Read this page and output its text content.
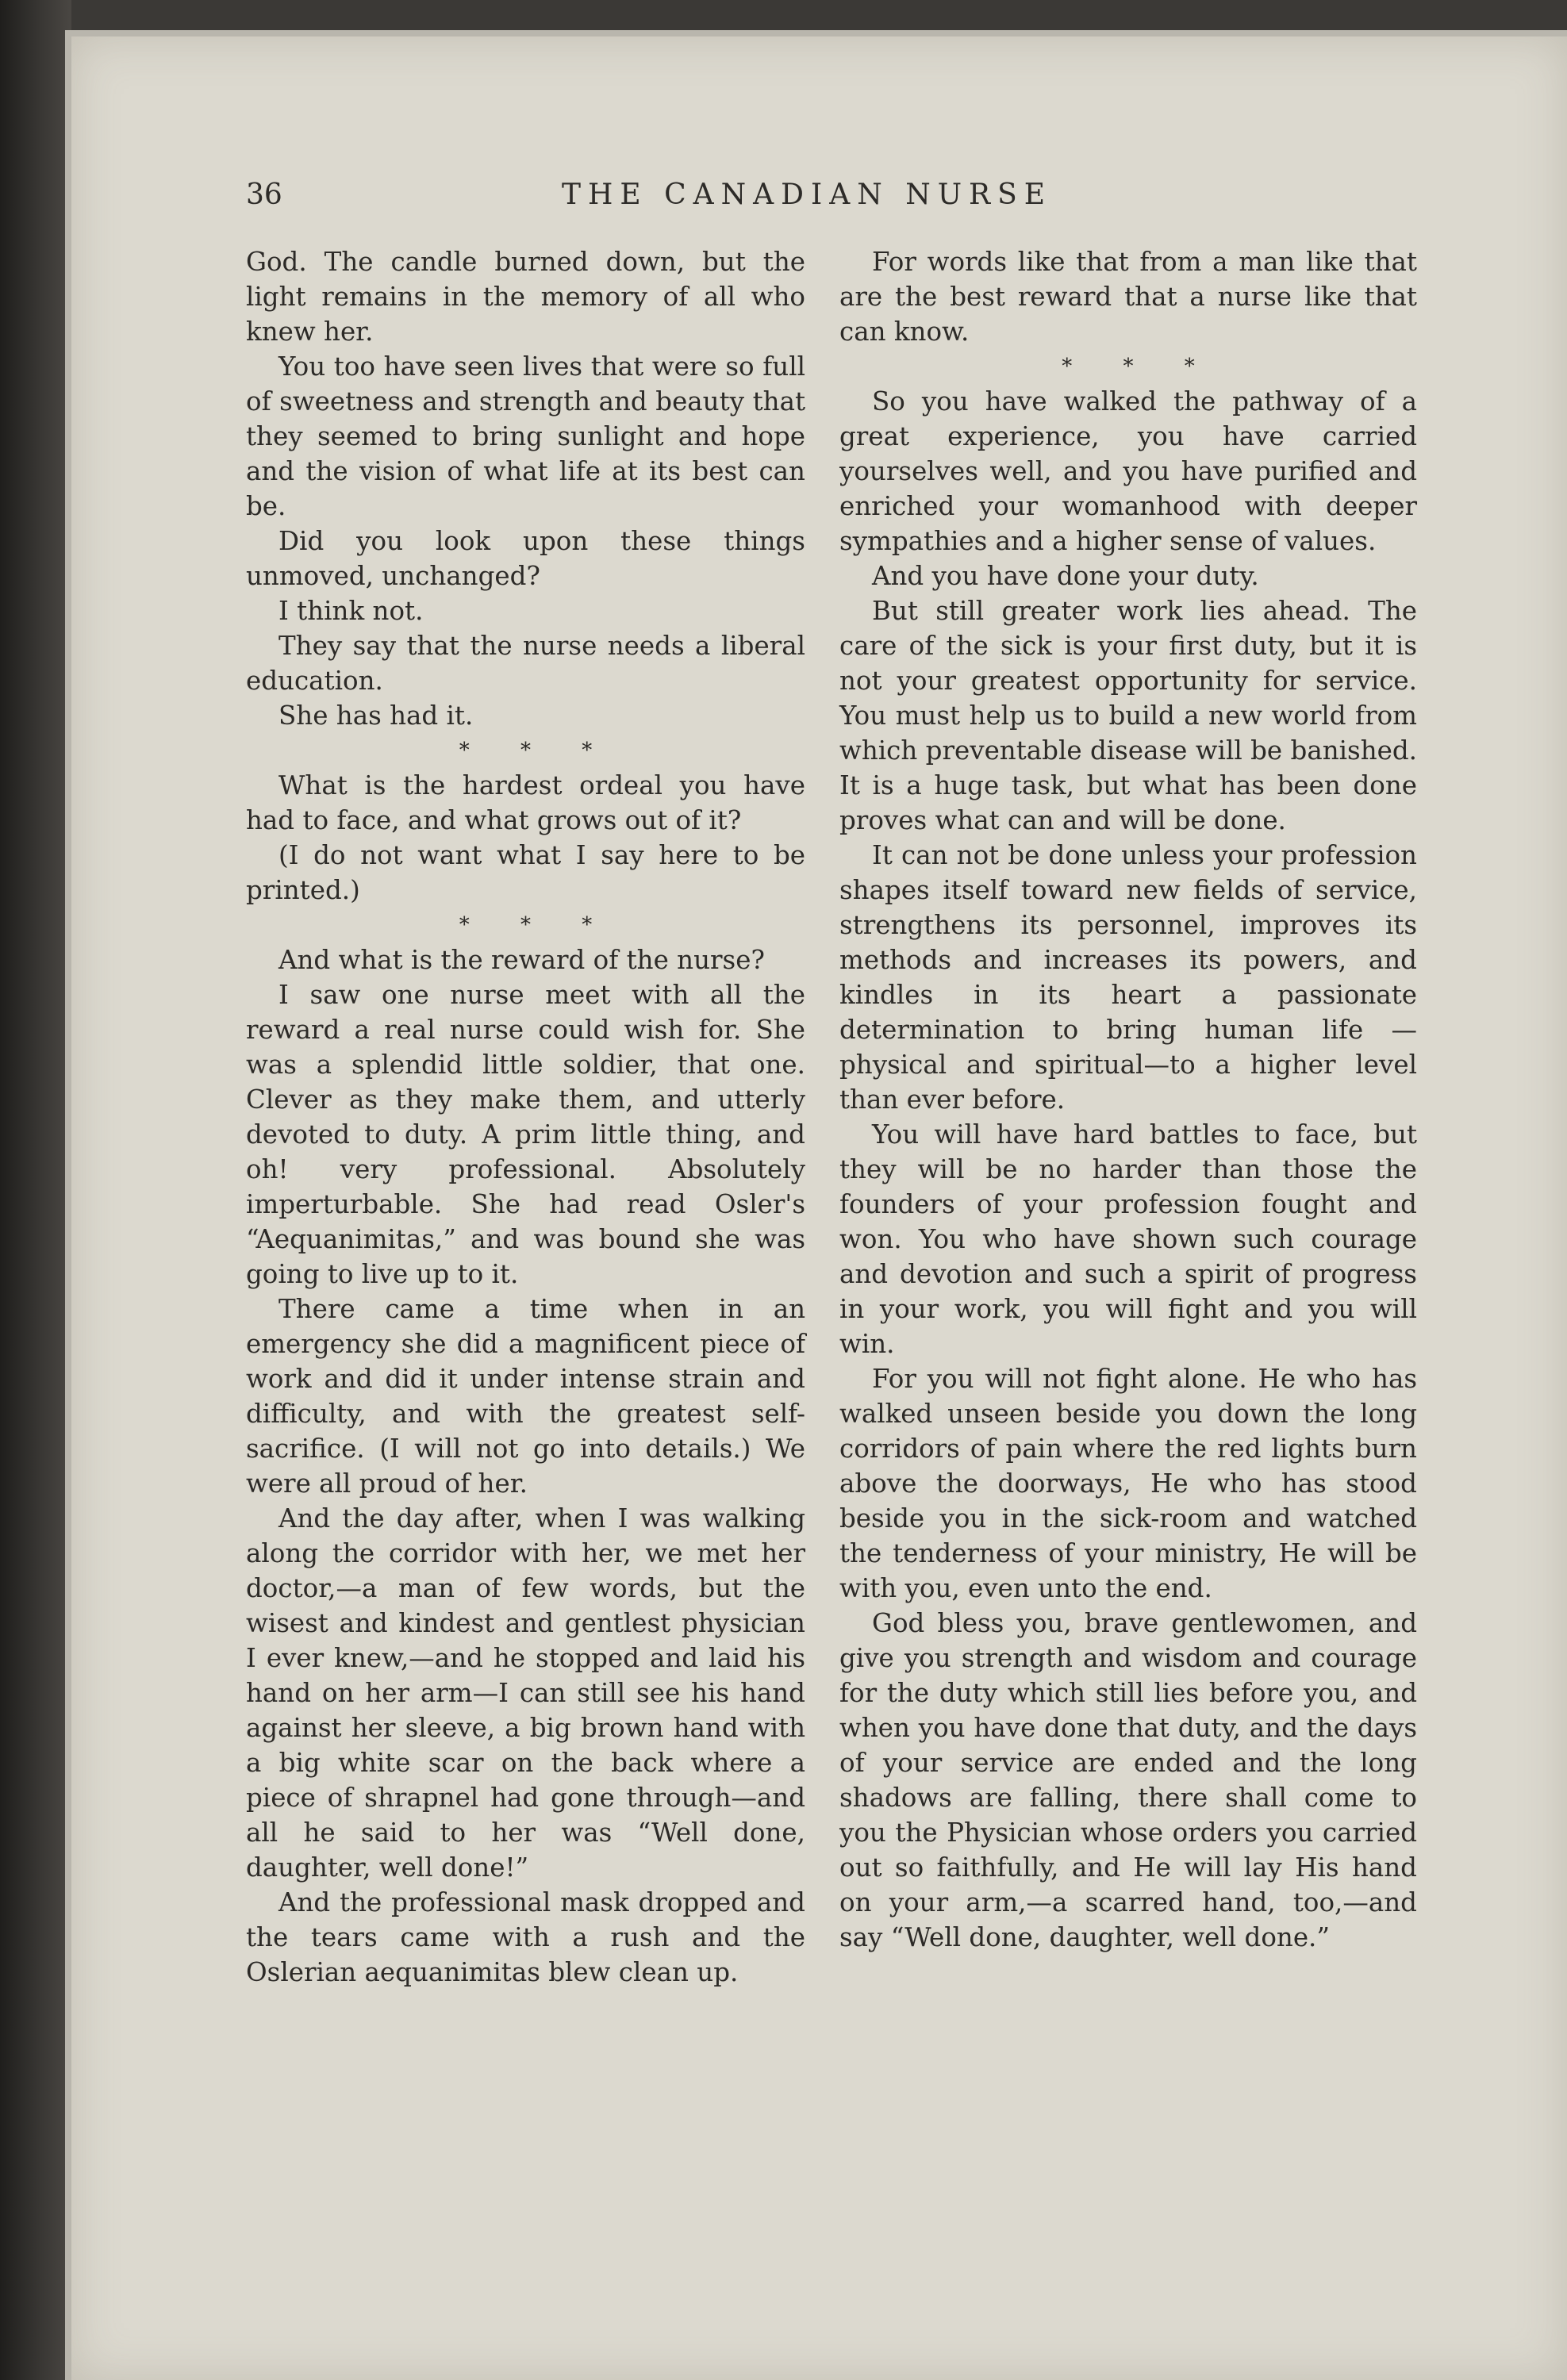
36	THE CANADIAN NURSE

God. The candle burned down, but the light remains in the memory of all who knew her.

You too have seen lives that were so full of sweetness and strength and beauty that they seemed to bring sunlight and hope and the vision of what life at its best can be.

Did you look upon these things unmoved, unchanged?

I think not.

They say that the nurse needs a liberal education.

She has had it.

* * *

What is the hardest ordeal you have had to face, and what grows out of it?

(I do not want what I say here to be printed.)

* * *

And what is the reward of the nurse?

I saw one nurse meet with all the reward a real nurse could wish for. She was a splendid little soldier, that one. Clever as they make them, and utterly devoted to duty. A prim little thing, and oh! very professional. Absolutely imperturbable. She had read Osler's “Aequanimitas,” and was bound she was going to live up to it.

There came a time when in an emergency she did a magnificent piece of work and did it under intense strain and difficulty, and with the greatest self-sacrifice. (I will not go into details.) We were all proud of her.

And the day after, when I was walking along the corridor with her, we met her doctor,—a man of few words, but the wisest and kindest and gentlest physician I ever knew,—and he stopped and laid his hand on her arm—I can still see his hand against her sleeve, a big brown hand with a big white scar on the back where a piece of shrapnel had gone through—and all he said to her was “Well done, daughter, well done!”

And the professional mask dropped and the tears came with a rush and the Oslerian aequanimitas blew clean up.

For words like that from a man like that are the best reward that a nurse like that can know.

* * *

So you have walked the pathway of a great experience, you have carried yourselves well, and you have purified and enriched your womanhood with deeper sympathies and a higher sense of values.

And you have done your duty.

But still greater work lies ahead. The care of the sick is your first duty, but it is not your greatest opportunity for service. You must help us to build a new world from which preventable disease will be banished. It is a huge task, but what has been done proves what can and will be done.

It can not be done unless your profession shapes itself toward new fields of service, strengthens its personnel, improves its methods and increases its powers, and kindles in its heart a passionate determination to bring human life — physical and spiritual—to a higher level than ever before.

You will have hard battles to face, but they will be no harder than those the founders of your profession fought and won. You who have shown such courage and devotion and such a spirit of progress in your work, you will fight and you will win.

For you will not fight alone. He who has walked unseen beside you down the long corridors of pain where the red lights burn above the doorways, He who has stood beside you in the sick-room and watched the tenderness of your ministry, He will be with you, even unto the end.

God bless you, brave gentlewomen, and give you strength and wisdom and courage for the duty which still lies before you, and when you have done that duty, and the days of your service are ended and the long shadows are falling, there shall come to you the Physician whose orders you carried out so faithfully, and He will lay His hand on your arm,—a scarred hand, too,—and say “Well done, daughter, well done.”
